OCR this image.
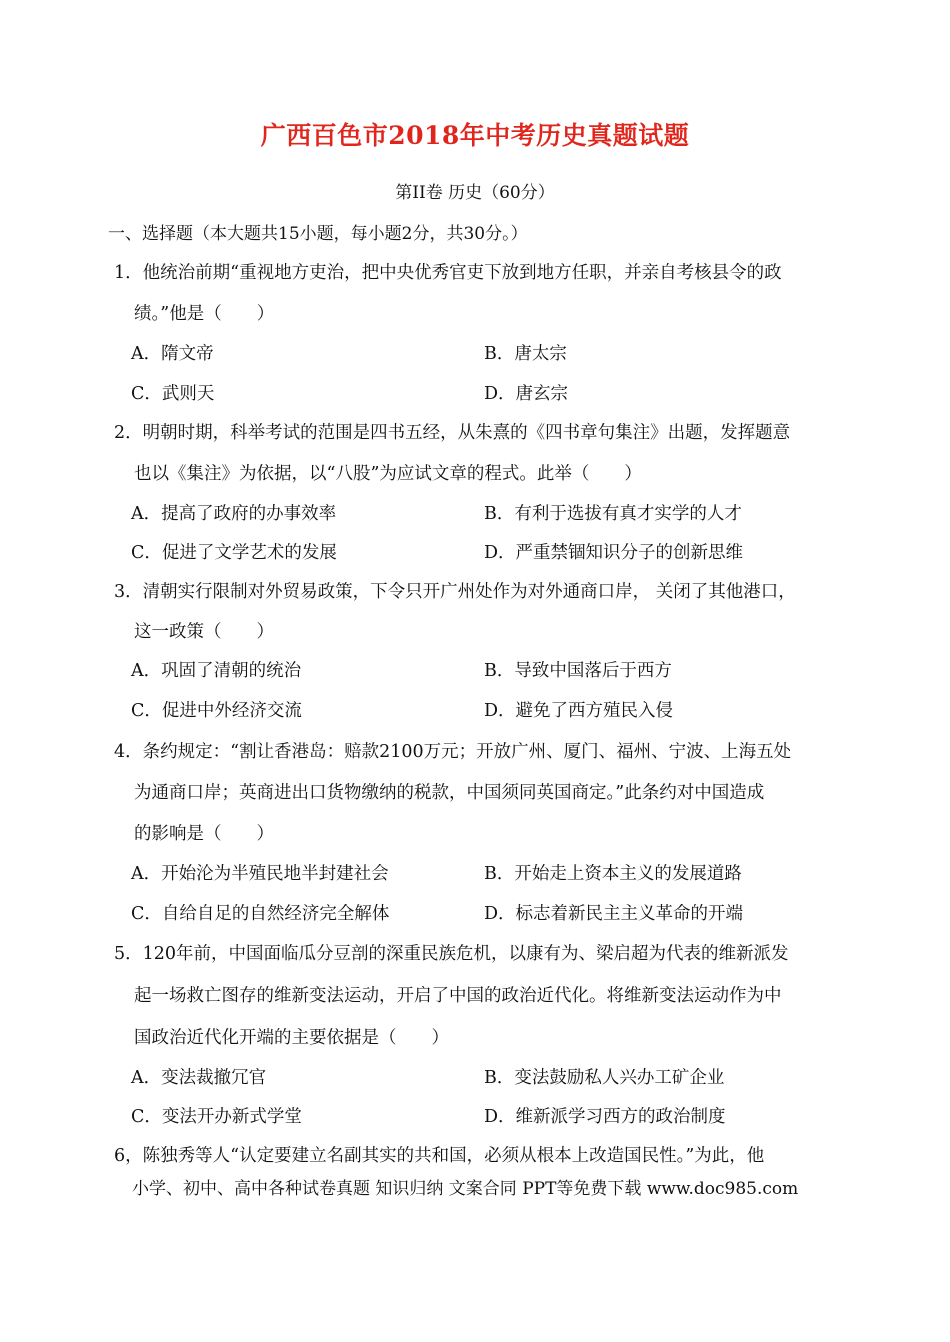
广西百色市2018年中考历史真题试题
第II卷 历史（60分）
一、选择题（本大题共15小题，每小题2分，共30分。）
1．他统治前期“重视地方吏治，把中央优秀官吏下放到地方任职，并亲自考核县令的政
绩。”他是（　　）
A．隋文帝	B．唐太宗
C．武则天	D．唐玄宗
2．明朝时期，科举考试的范围是四书五经，从朱熹的《四书章句集注》出题，发挥题意
也以《集注》为依据，以“八股”为应试文章的程式。此举（　　）
A．提高了政府的办事效率	B．有利于选拔有真才实学的人才
C．促进了文学艺术的发展	D．严重禁锢知识分子的创新思维
3．清朝实行限制对外贸易政策，下令只开广州处作为对外通商口岸， 关闭了其他港口，
这一政策（　　）
A．巩固了清朝的统治	B．导致中国落后于西方
C．促进中外经济交流	D．避免了西方殖民入侵
4．条约规定：“割让香港岛：赔款2100万元；开放广州、厦门、福州、宁波、上海五处
为通商口岸；英商进出口货物缴纳的税款，中国须同英国商定。”此条约对中国造成
的影响是（　　）
A．开始沦为半殖民地半封建社会	B．开始走上资本主义的发展道路
C．自给自足的自然经济完全解体	D．标志着新民主主义革命的开端
5．120年前，中国面临瓜分豆剖的深重民族危机，以康有为、梁启超为代表的维新派发
起一场救亡图存的维新变法运动，开启了中国的政治近代化。将维新变法运动作为中
国政治近代化开端的主要依据是（　　）
A．变法裁撤冗官	B．变法鼓励私人兴办工矿企业
C．变法开办新式学堂	D．维新派学习西方的政治制度
6，陈独秀等人“认定要建立名副其实的共和国，必须从根本上改造国民性。”为此，他
小学、初中、高中各种试卷真题 知识归纳 文案合同 PPT等免费下载 www.doc985.com
